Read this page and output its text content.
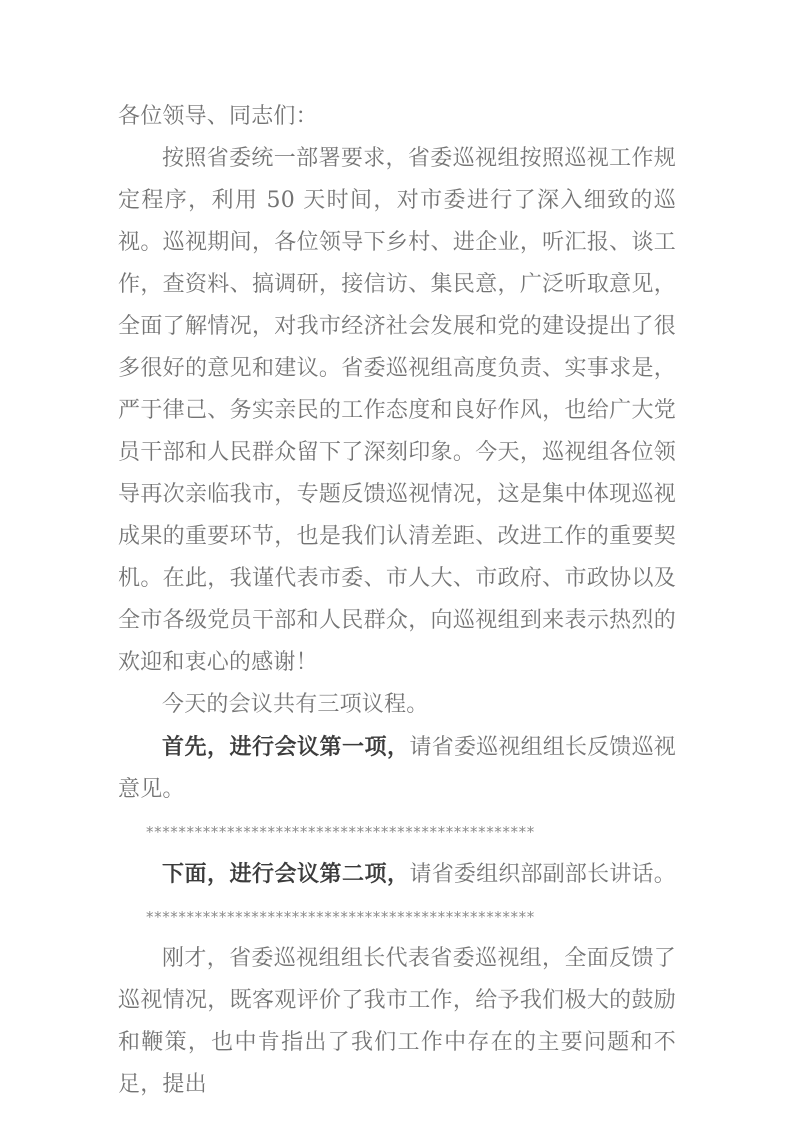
各位领导、同志们：

按照省委统一部署要求，省委巡视组按照巡视工作规定程序，利用 50 天时间，对市委进行了深入细致的巡视。巡视期间，各位领导下乡村、进企业，听汇报、谈工作，查资料、搞调研，接信访、集民意，广泛听取意见，全面了解情况，对我市经济社会发展和党的建设提出了很多很好的意见和建议。省委巡视组高度负责、实事求是，严于律己、务实亲民的工作态度和良好作风，也给广大党员干部和人民群众留下了深刻印象。今天，巡视组各位领导再次亲临我市，专题反馈巡视情况，这是集中体现巡视成果的重要环节，也是我们认清差距、改进工作的重要契机。在此，我谨代表市委、市人大、市政府、市政协以及全市各级党员干部和人民群众，向巡视组到来表示热烈的欢迎和衷心的感谢！

今天的会议共有三项议程。

首先，进行会议第一项，请省委巡视组组长反馈巡视意见。

************************************************

下面，进行会议第二项，请省委组织部副部长讲话。

************************************************

刚才，省委巡视组组长代表省委巡视组，全面反馈了巡视情况，既客观评价了我市工作，给予我们极大的鼓励和鞭策，也中肯指出了我们工作中存在的主要问题和不足，提出
